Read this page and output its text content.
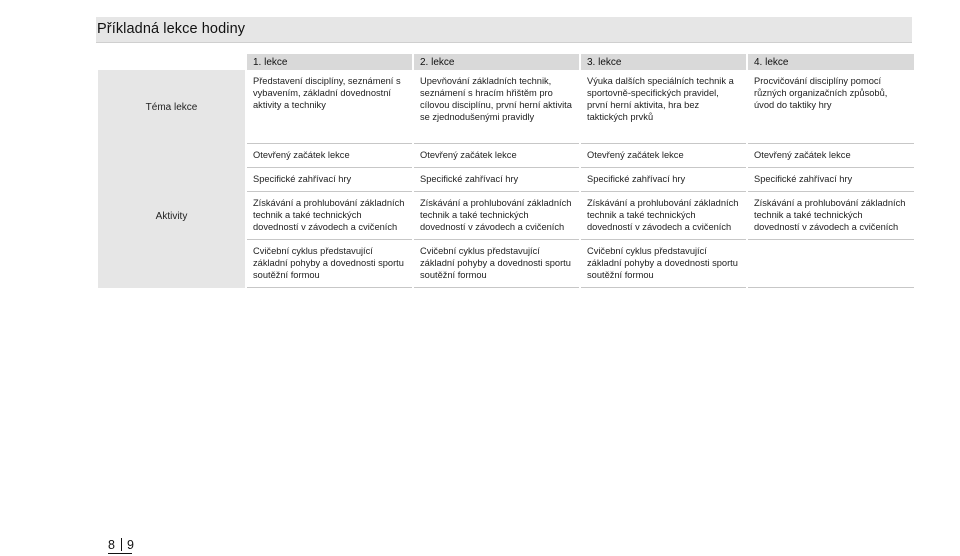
Příkladná lekce hodiny
	1. lekce	2. lekce	3. lekce	4. lekce
Téma lekce	Představení disciplíny, seznámení s vybavením, základní dovednostní aktivity a techniky	Upevňování základních technik, seznámení s hracím hřištěm pro cílovou disciplínu, první herní aktivita se zjednodušenými pravidly	Výuka dalších speciálních technik a sportovně-specifických pravidel, první herní aktivita, hra bez taktických prvků	Procvičování disciplíny pomocí různých organizačních způsobů, úvod do taktiky hry
Aktivity	Otevřený začátek lekce	Otevřený začátek lekce	Otevřený začátek lekce	Otevřený začátek lekce
	Specifické zahřívací hry	Specifické zahřívací hry	Specifické zahřívací hry	Specifické zahřívací hry
	Získávání a prohlubování základních technik a také technických dovedností v závodech a cvičeních	Získávání a prohlubování základních technik a také technických dovedností v závodech a cvičeních	Získávání a prohlubování základních technik a také technických dovedností v závodech a cvičeních	Získávání a prohlubování základních technik a také technických dovedností v závodech a cvičeních
	Cvičební cyklus představující základní pohyby a dovednosti sportu soutěžní formou	Cvičební cyklus představující základní pohyby a dovednosti sportu soutěžní formou	Cvičební cyklus představující základní pohyby a dovednosti sportu soutěžní formou	
8 9
